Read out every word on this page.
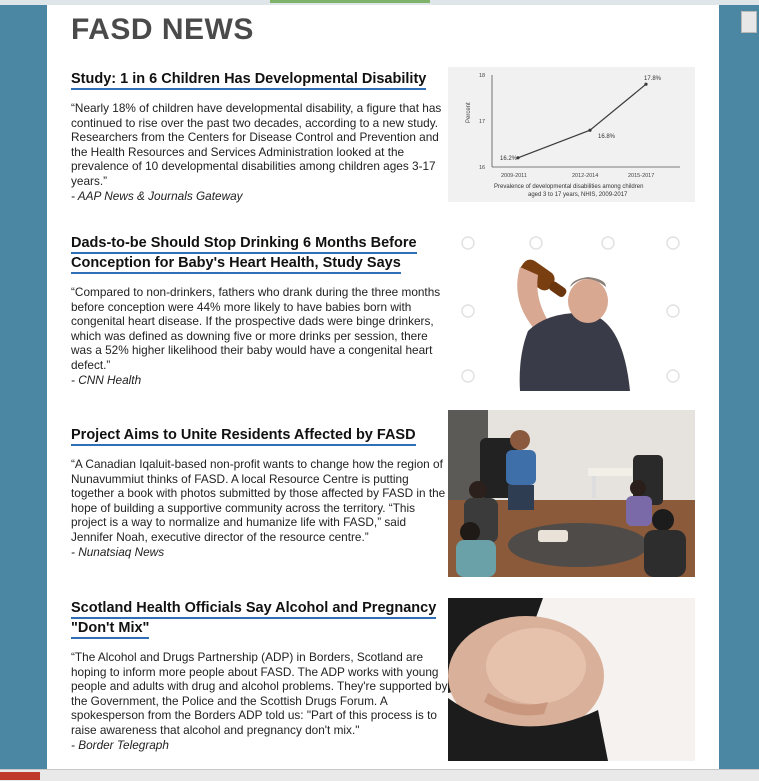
FASD NEWS
Study: 1 in 6 Children Has Developmental Disability

“Nearly 18% of children have developmental disability, a figure that has continued to rise over the past two decades, according to a new study. Researchers from the Centers for Disease Control and Prevention and the Health Resources and Services Administration looked at the prevalence of 10 developmental disabilities among children ages 3-17 years.”

- AAP News & Journals Gateway
Percent
18
17
16
2009-2011	2012-2014	2015-2017
16.2%
16.8%
17.8%
Prevalence of developmental disabilities among children
aged 3 to 17 years, NHIS, 2009-2017
Dads-to-be Should Stop Drinking 6 Months Before Conception for Baby's Heart Health, Study Says

“Compared to non-drinkers, fathers who drank during the three months before conception were 44% more likely to have babies born with congenital heart disease. If the prospective dads were binge drinkers, which was defined as downing five or more drinks per session, there was a 52% higher likelihood their baby would have a congenital heart defect.”

- CNN Health
Project Aims to Unite Residents Affected by FASD

“A Canadian Iqaluit-based non-profit wants to change how the region of Nunavummiut thinks of FASD. A local Resource Centre is putting together a book with photos submitted by those affected by FASD in the hope of building a supportive community across the territory. “This project is a way to normalize and humanize life with FASD,” said Jennifer Noah, executive director of the resource centre.”

- Nunatsiaq News
Scotland Health Officials Say Alcohol and Pregnancy "Don't Mix"

“The Alcohol and Drugs Partnership (ADP) in Borders, Scotland are hoping to inform more people about FASD. The ADP works with young people and adults with drug and alcohol problems. They're supported by the Government, the Police and the Scottish Drugs Forum. A spokesperson from the Borders ADP told us: "Part of this process is to raise awareness that alcohol and pregnancy don't mix."

- Border Telegraph
